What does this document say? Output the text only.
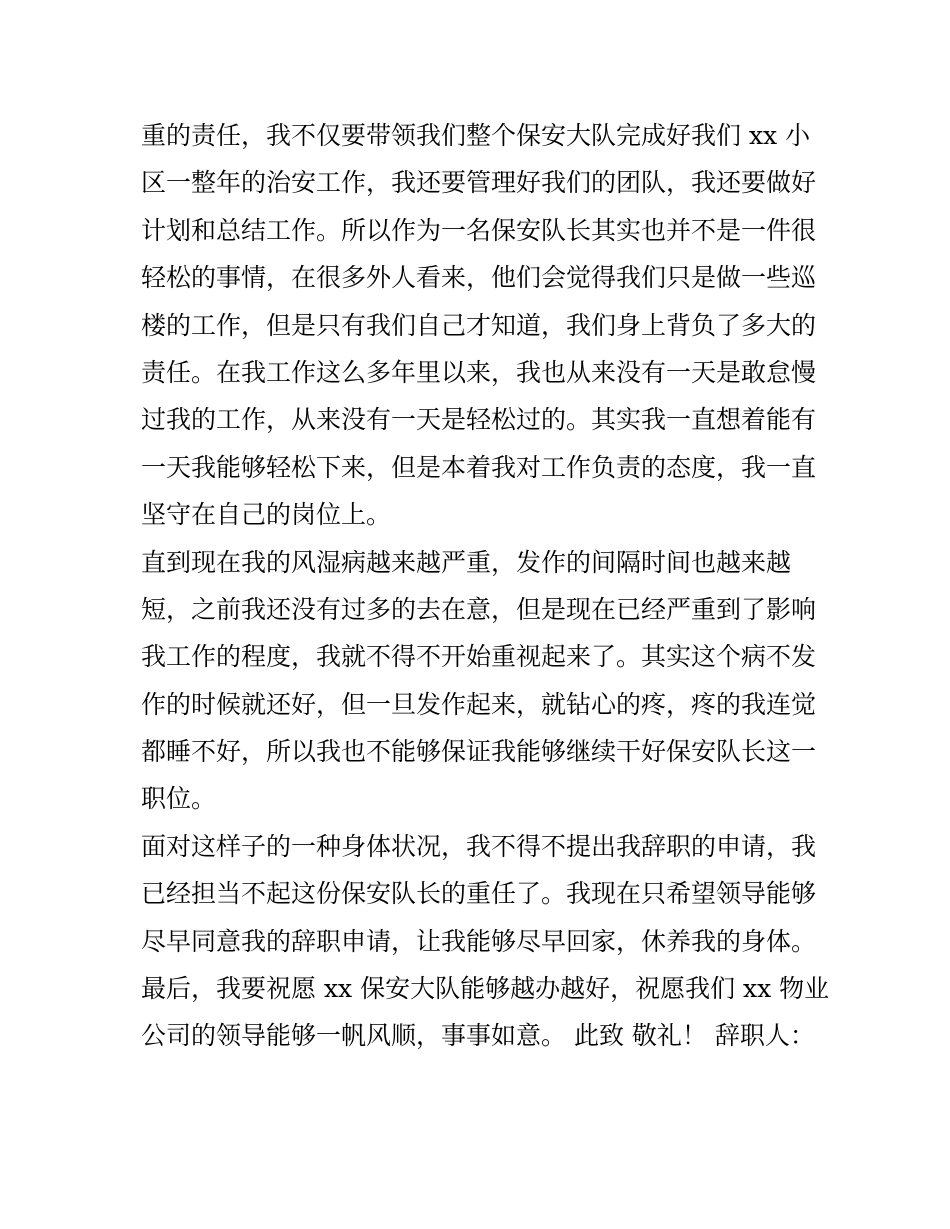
重的责任，我不仅要带领我们整个保安大队完成好我们 xx 小
区一整年的治安工作，我还要管理好我们的团队，我还要做好
计划和总结工作。所以作为一名保安队长其实也并不是一件很
轻松的事情，在很多外人看来，他们会觉得我们只是做一些巡
楼的工作，但是只有我们自己才知道，我们身上背负了多大的
责任。在我工作这么多年里以来，我也从来没有一天是敢怠慢
过我的工作，从来没有一天是轻松过的。其实我一直想着能有
一天我能够轻松下来，但是本着我对工作负责的态度，我一直
坚守在自己的岗位上。
直到现在我的风湿病越来越严重，发作的间隔时间也越来越
短，之前我还没有过多的去在意，但是现在已经严重到了影响
我工作的程度，我就不得不开始重视起来了。其实这个病不发
作的时候就还好，但一旦发作起来，就钻心的疼，疼的我连觉
都睡不好，所以我也不能够保证我能够继续干好保安队长这一
职位。
面对这样子的一种身体状况，我不得不提出我辞职的申请，我
已经担当不起这份保安队长的重任了。我现在只希望领导能够
尽早同意我的辞职申请，让我能够尽早回家，休养我的身体。
最后，我要祝愿 xx 保安大队能够越办越好，祝愿我们 xx 物业
公司的领导能够一帆风顺，事事如意。 此致 敬礼！ 辞职人：
